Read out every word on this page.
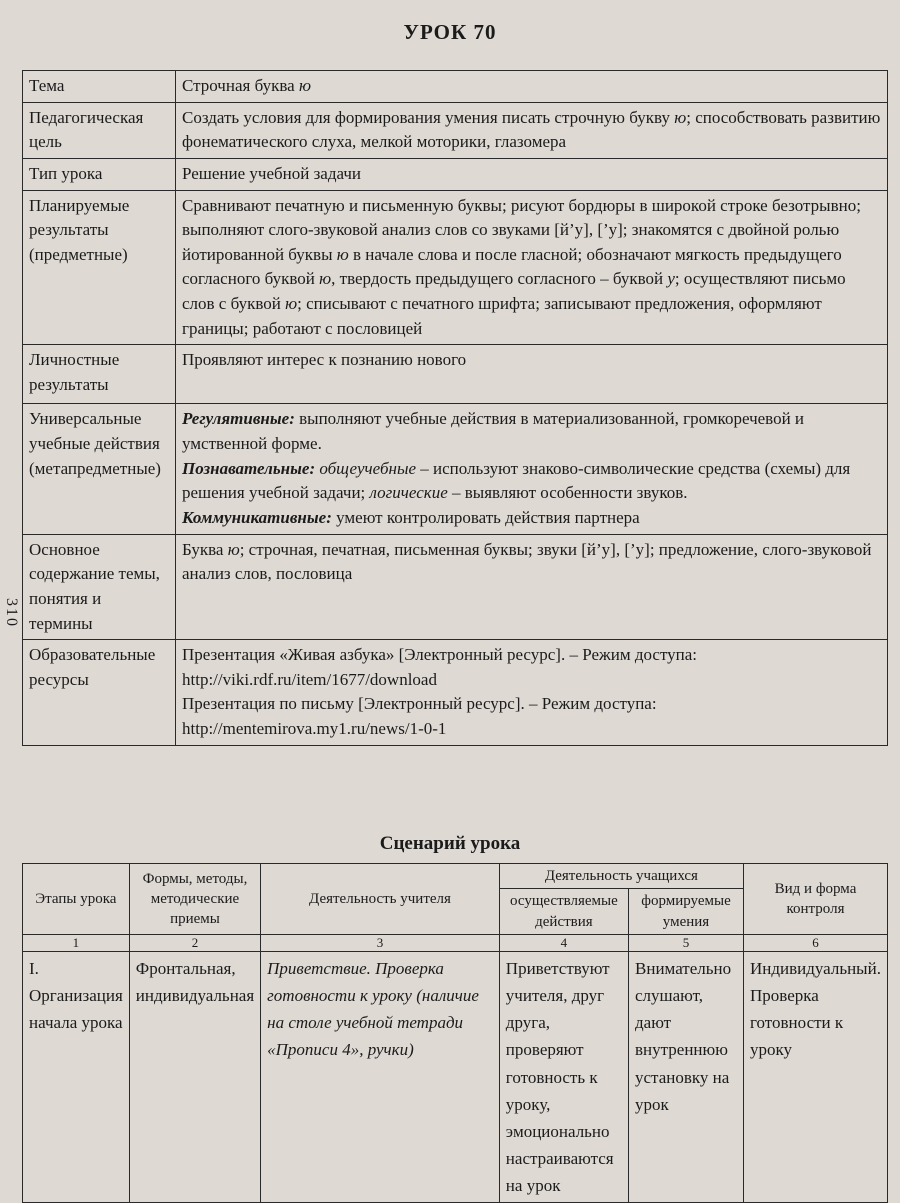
УРОК 70
310
Тема	Строчная буква ю
Педагогическая цель	Создать условия для формирования умения писать строчную букву ю; способствовать развитию фонематического слуха, мелкой моторики, глазомера
Тип урока	Решение учебной задачи
Планируемые результаты (предметные)	Сравнивают печатную и письменную буквы; рисуют бордюры в широкой строке безотрывно; выполняют слого-звуковой анализ слов со звуками [й’у], [’у]; знакомятся с двойной ролью йотированной буквы ю в начале слова и после гласной; обозначают мягкость предыдущего согласного буквой ю, твердость предыдущего согласного – буквой у; осуществляют письмо слов с буквой ю; списывают с печатного шрифта; записывают предложения, оформляют границы; работают с пословицей
Личностные результаты	Проявляют интерес к познанию нового
Универсальные учебные действия (метапредметные)	Регулятивные: выполняют учебные действия в материализованной, громкоречевой и умственной форме.
Познавательные: общеучебные – используют знаково-символические средства (схемы) для решения учебной задачи; логические – выявляют особенности звуков.
Коммуникативные: умеют контролировать действия партнера

Основное содержание темы, понятия и термины	Буква ю; строчная, печатная, письменная буквы; звуки [й’у], [’у]; предложение, слого-звуковой анализ слов, пословица
Образовательные ресурсы	Презентация «Живая азбука» [Электронный ресурс]. – Режим доступа: http://viki.rdf.ru/item/1677/download
Презентация по письму [Электронный ресурс]. – Режим доступа: http://mentemirova.my1.ru/news/1-0-1
Сценарий урока
Этапы урока	Формы, методы, методические приемы	Деятельность учителя	Деятельность учащихся		Вид и форма контроля
			осуществляемые действия	формируемые умения	
1	2	3	4	5	6
I. Организация начала урока	Фронтальная, индивидуальная	Приветствие. Проверка готовности к уроку (наличие на столе учебной тетради «Прописи 4», ручки)	Приветствуют учителя, друг друга, проверяют готовность к уроку, эмоционально настраиваются на урок	Внимательно слушают, дают внутреннюю установку на урок	Индивидуальный. Проверка готовности к уроку
